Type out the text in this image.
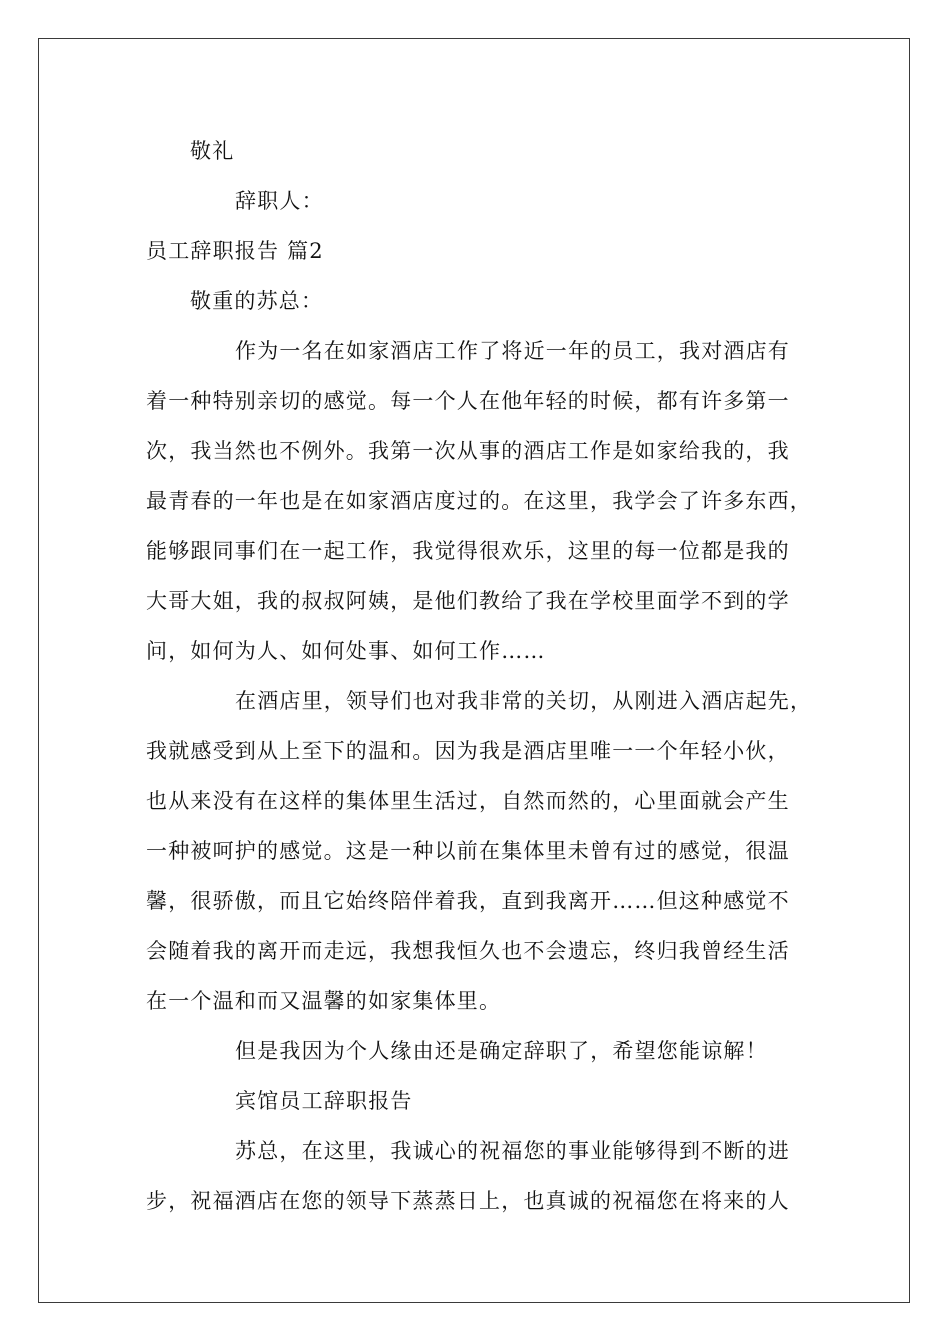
敬礼
辞职人：
员工辞职报告 篇2
敬重的苏总：
作为一名在如家酒店工作了将近一年的员工，我对酒店有
着一种特别亲切的感觉。每一个人在他年轻的时候，都有许多第一
次，我当然也不例外。我第一次从事的酒店工作是如家给我的，我
最青春的一年也是在如家酒店度过的。在这里，我学会了许多东西，
能够跟同事们在一起工作，我觉得很欢乐，这里的每一位都是我的
大哥大姐，我的叔叔阿姨，是他们教给了我在学校里面学不到的学
问，如何为人、如何处事、如何工作……
在酒店里，领导们也对我非常的关切，从刚进入酒店起先，
我就感受到从上至下的温和。因为我是酒店里唯一一个年轻小伙，
也从来没有在这样的集体里生活过，自然而然的，心里面就会产生
一种被呵护的感觉。这是一种以前在集体里未曾有过的感觉，很温
馨，很骄傲，而且它始终陪伴着我，直到我离开……但这种感觉不
会随着我的离开而走远，我想我恒久也不会遗忘，终归我曾经生活
在一个温和而又温馨的如家集体里。
但是我因为个人缘由还是确定辞职了，希望您能谅解！
宾馆员工辞职报告
苏总，在这里，我诚心的祝福您的事业能够得到不断的进
步，祝福酒店在您的领导下蒸蒸日上，也真诚的祝福您在将来的人
